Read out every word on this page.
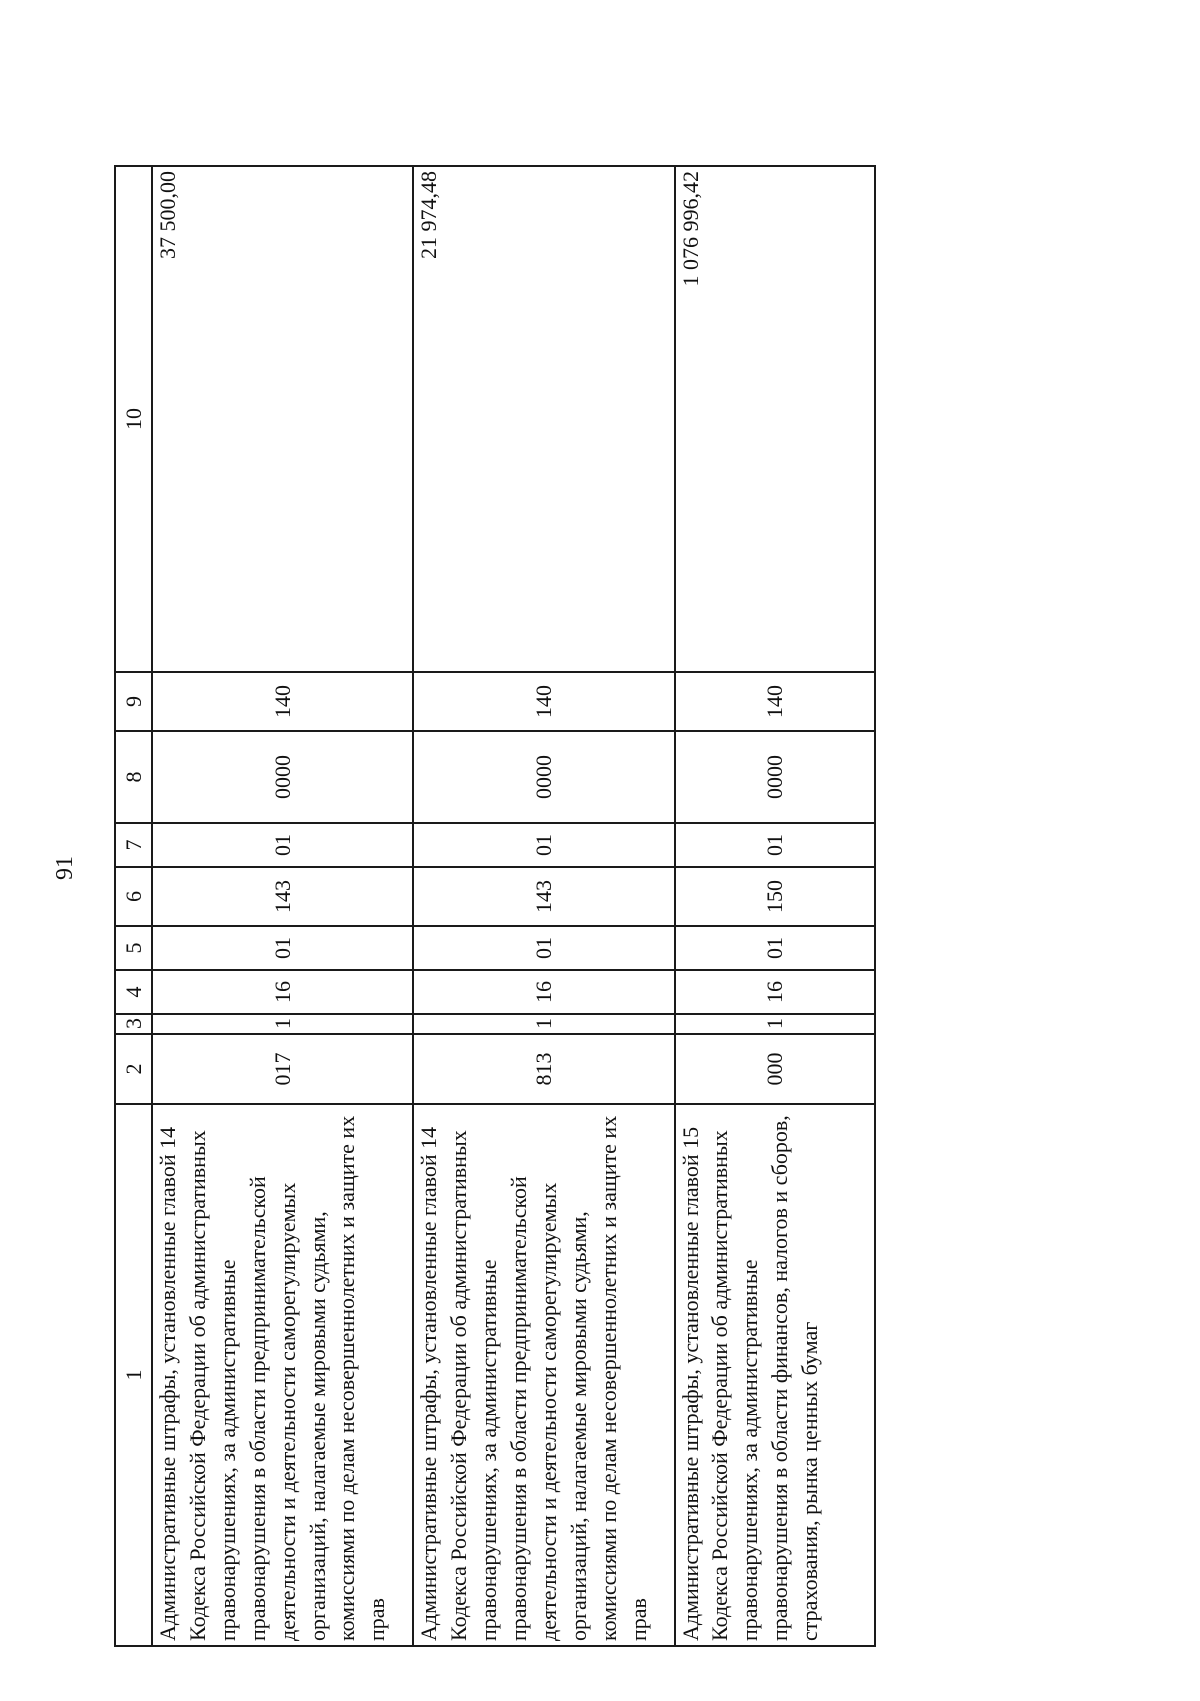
91
1	2	3	4	5	6	7	8	9	10
Административные штрафы, установленные главой 14 Кодекса Российской Федерации об административных правонарушениях, за административные правонарушения в области предпринимательской деятельности и деятельности саморегулируемых организаций, налагаемые мировыми судьями, комиссиями по делам несовершеннолетних и защите их прав	017	1	16	01	143	01	0000	140	37 500,00
Административные штрафы, установленные главой 14 Кодекса Российской Федерации об административных правонарушениях, за административные правонарушения в области предпринимательской деятельности и деятельности саморегулируемых организаций, налагаемые мировыми судьями, комиссиями по делам несовершеннолетних и защите их прав	813	1	16	01	143	01	0000	140	21 974,48
Административные штрафы, установленные главой 15 Кодекса Российской Федерации об административных правонарушениях, за административные правонарушения в области финансов, налогов и сборов, страхования, рынка ценных бумаг	000	1	16	01	150	01	0000	140	1 076 996,42
